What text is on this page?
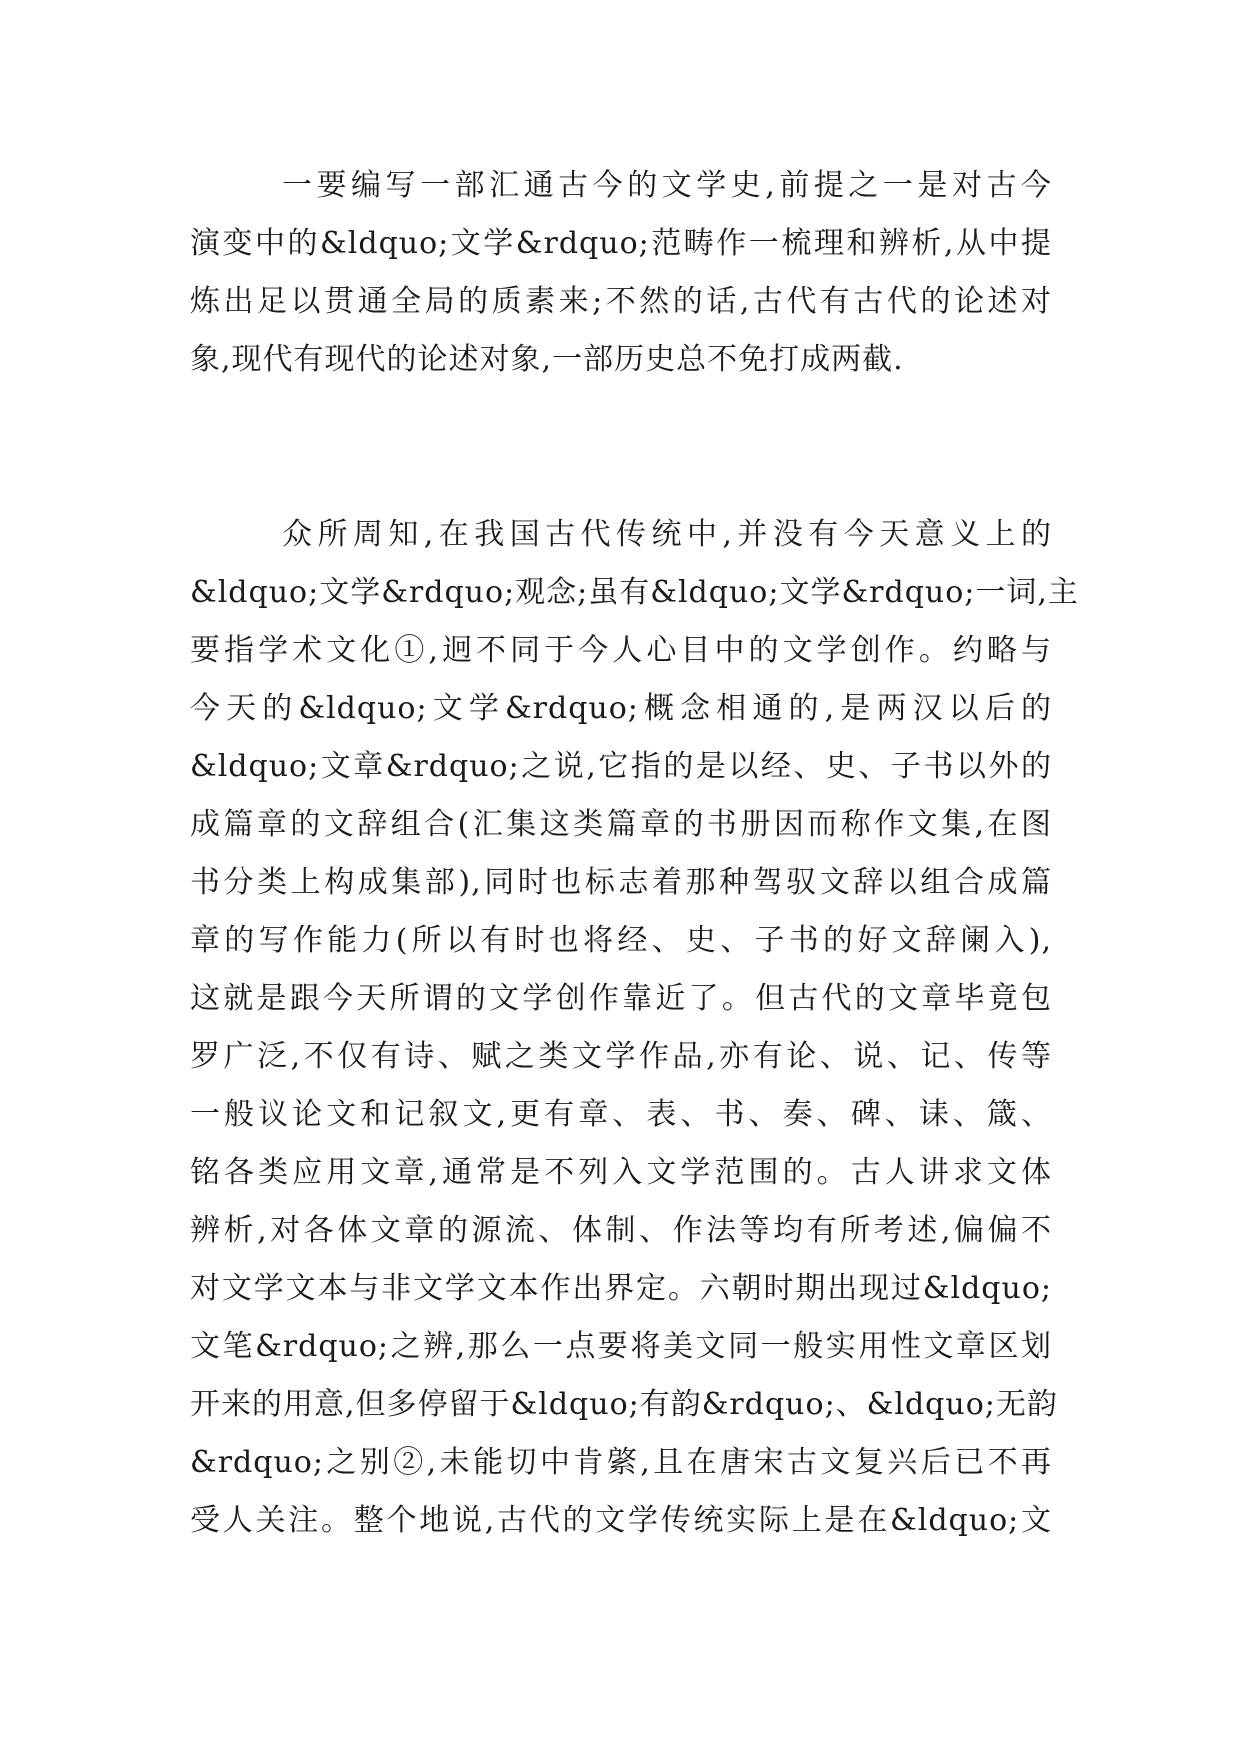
一要编写一部汇通古今的文学史,前提之一是对古今
演变中的&ldquo;文学&rdquo;范畴作一梳理和辨析,从中提
炼出足以贯通全局的质素来;不然的话,古代有古代的论述对
象,现代有现代的论述对象,一部历史总不免打成两截.
众所周知,在我国古代传统中,并没有今天意义上的
&ldquo;文学&rdquo;观念;虽有&ldquo;文学&rdquo;一词,主
要指学术文化①,迥不同于今人心目中的文学创作。约略与
今天的&ldquo;文学&rdquo;概念相通的,是两汉以后的
&ldquo;文章&rdquo;之说,它指的是以经、史、子书以外的
成篇章的文辞组合(汇集这类篇章的书册因而称作文集,在图
书分类上构成集部),同时也标志着那种驾驭文辞以组合成篇
章的写作能力(所以有时也将经、史、子书的好文辞阑入),
这就是跟今天所谓的文学创作靠近了。但古代的文章毕竟包
罗广泛,不仅有诗、赋之类文学作品,亦有论、说、记、传等
一般议论文和记叙文,更有章、表、书、奏、碑、诔、箴、
铭各类应用文章,通常是不列入文学范围的。古人讲求文体
辨析,对各体文章的源流、体制、作法等均有所考述,偏偏不
对文学文本与非文学文本作出界定。六朝时期出现过&ldquo;
文笔&rdquo;之辨,那么一点要将美文同一般实用性文章区划
开来的用意,但多停留于&ldquo;有韵&rdquo;、&ldquo;无韵
&rdquo;之别②,未能切中肯綮,且在唐宋古文复兴后已不再
受人关注。整个地说,古代的文学传统实际上是在&ldquo;文
